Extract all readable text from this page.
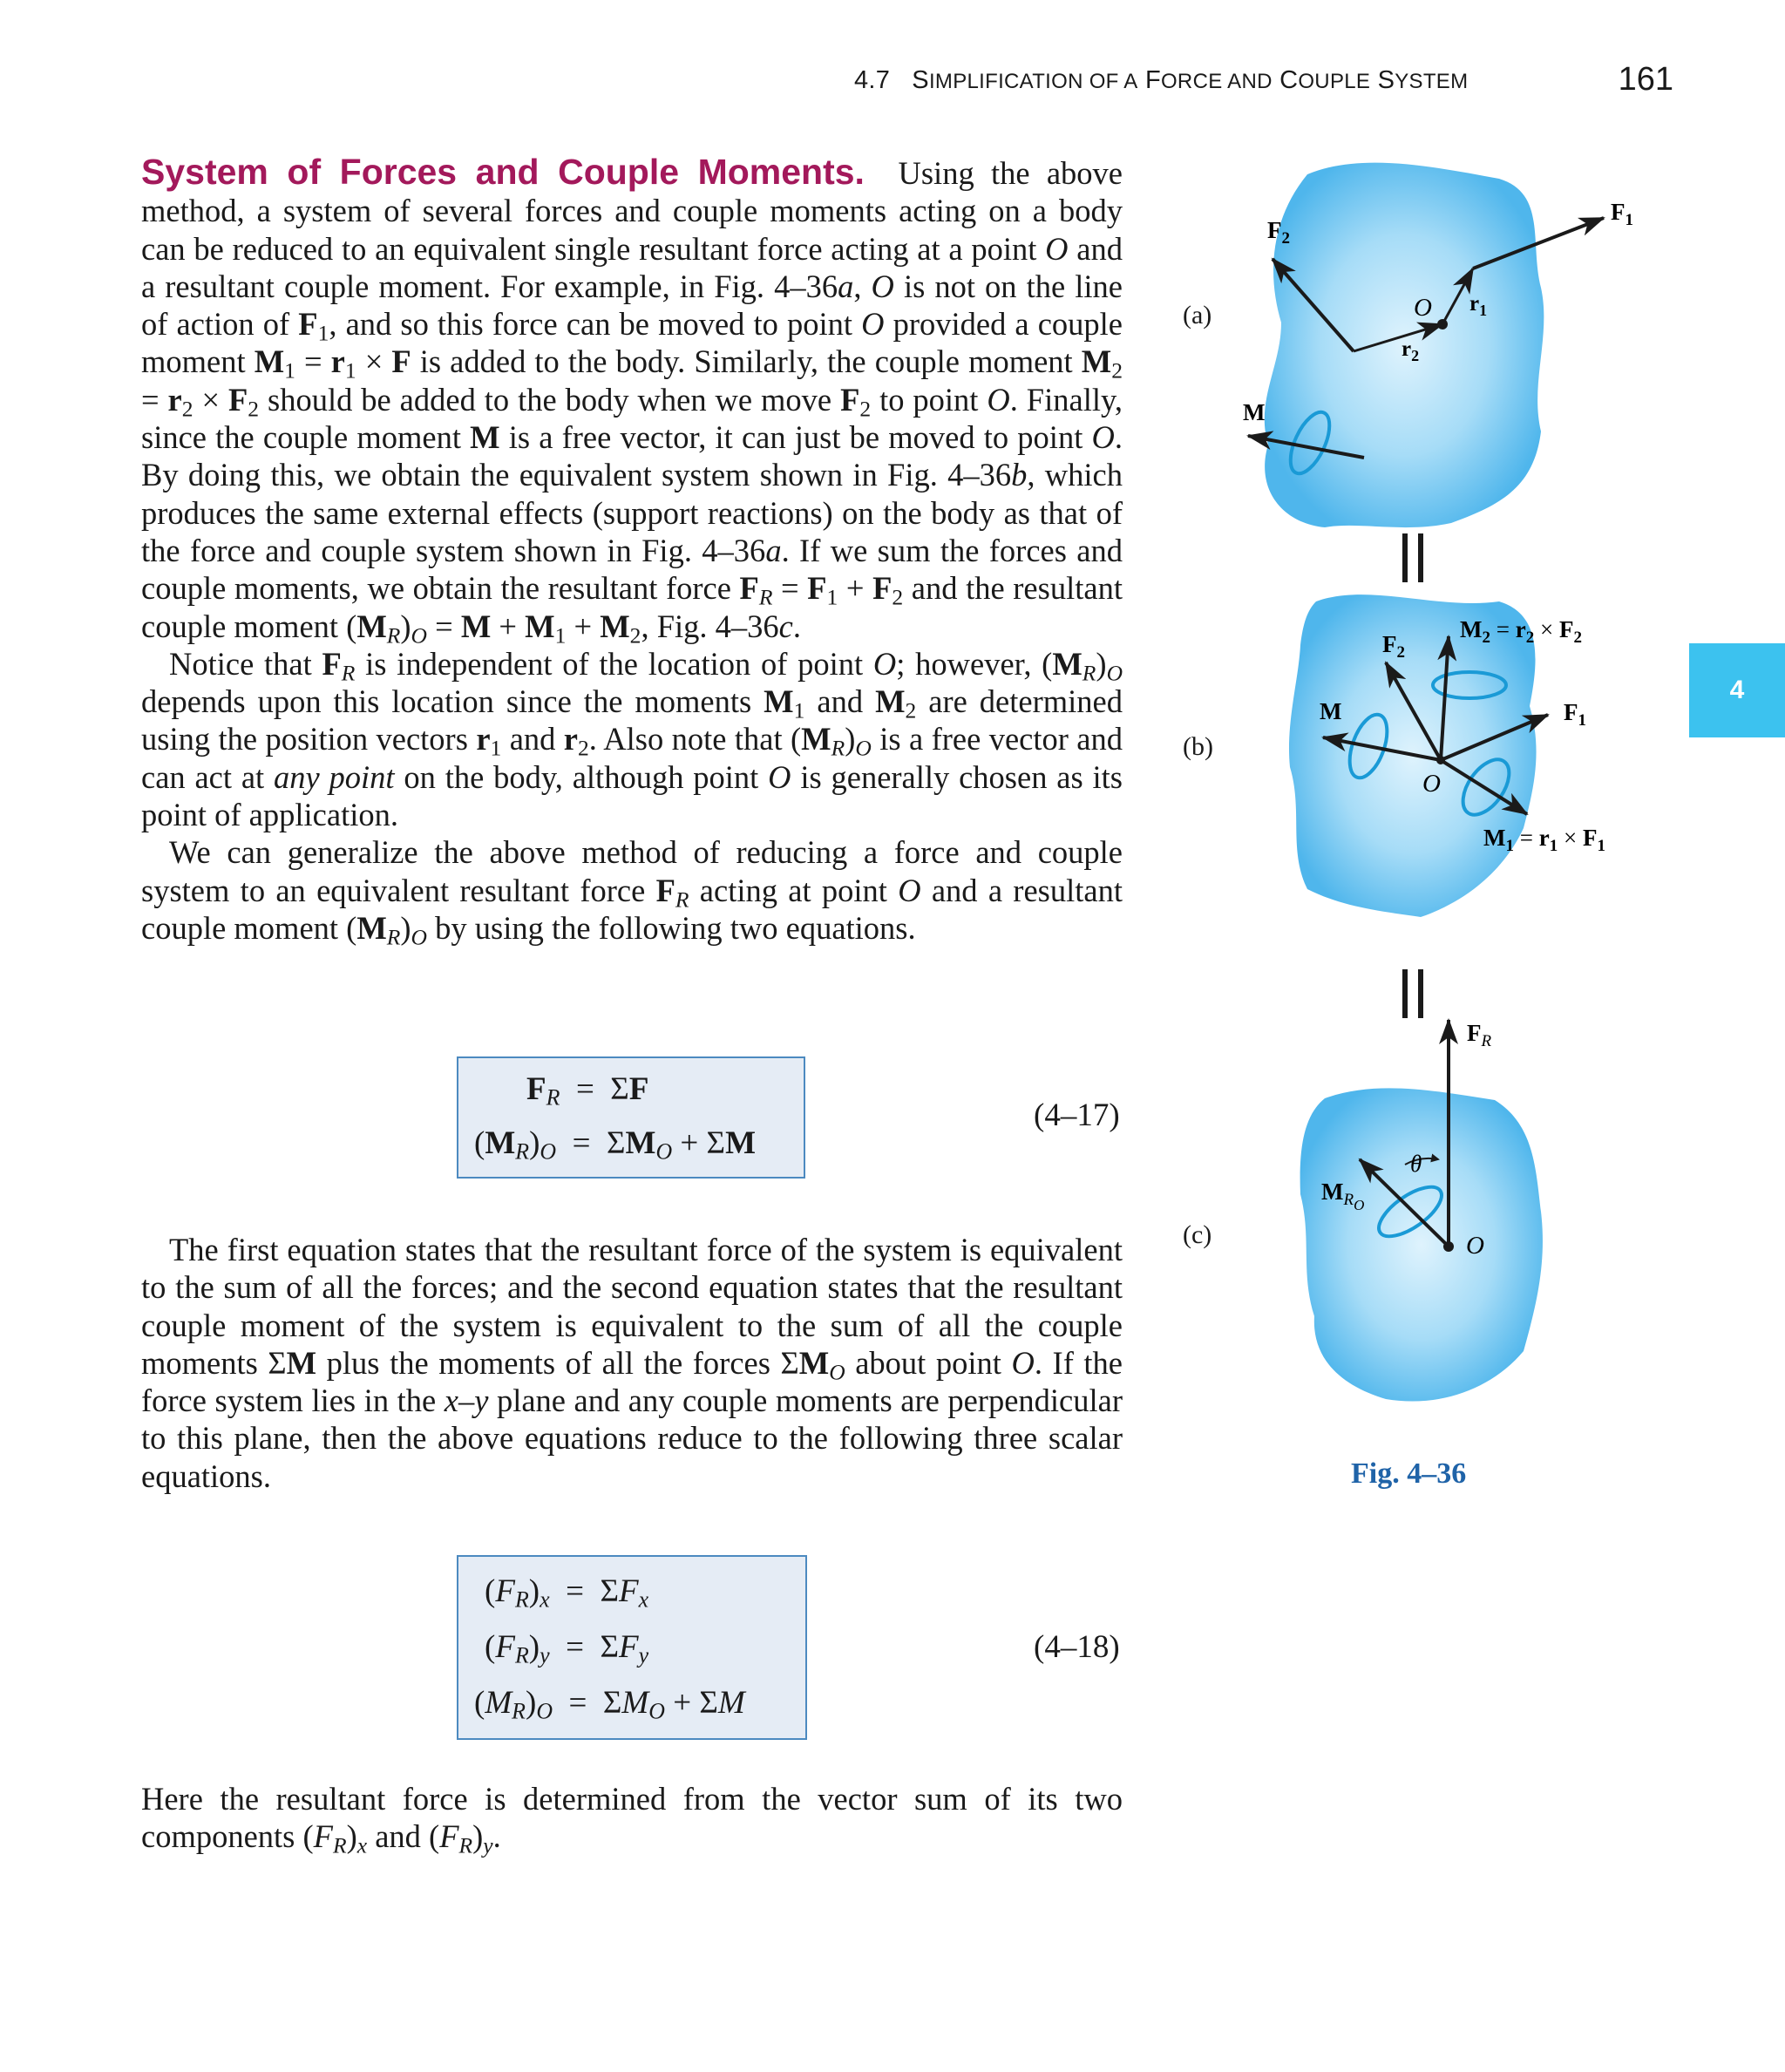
4.7   SIMPLIFICATION OF A FORCE AND COUPLE SYSTEM	161
4

System of Forces and Couple Moments.  Using the above method, a system of several forces and couple moments acting on a body can be reduced to an equivalent single resultant force acting at a point O and a resultant couple moment. For example, in Fig. 4–36a, O is not on the line of action of $F_1$, and so this force can be moved to point O provided a couple moment $M_1 = r_1 \times F$ is added to the body. Similarly, the couple moment $M_2 = r_2 \times F_2$ should be added to the body when we move $F_2$ to point O. Finally, since the couple moment M is a free vector, it can just be moved to point O. By doing this, we obtain the equivalent system shown in Fig. 4–36b, which produces the same external effects (support reactions) on the body as that of the force and couple system shown in Fig. 4–36a. If we sum the forces and couple moments, we obtain the resultant force $F_R = F_1 + F_2$ and the resultant couple moment $(M_R)_O = M + M_1 + M_2$, Fig. 4–36c.

Notice that $F_R$ is independent of the location of point O; however, $(M_R)_O$ depends upon this location since the moments $M_1$ and $M_2$ are determined using the position vectors $r_1$ and $r_2$. Also note that $(M_R)_O$ is a free vector and can act at any point on the body, although point O is generally chosen as its point of application.

We can generalize the above method of reducing a force and couple system to an equivalent resultant force $F_R$ acting at point O and a resultant couple moment $(M_R)_O$ by using the following two equations.

$F_R = \Sigma F$
$(M_R)_O = \Sigma M_O + \Sigma M$
(4–17)

The first equation states that the resultant force of the system is equivalent to the sum of all the forces; and the second equation states that the resultant couple moment of the system is equivalent to the sum of all the couple moments ΣM plus the moments of all the forces $\Sigma M_O$ about point O. If the force system lies in the x–y plane and any couple moments are perpendicular to this plane, then the above equations reduce to the following three scalar equations.

$(F_R)_x = \Sigma F_x$
$(F_R)_y = \Sigma F_y$
$(M_R)_O = \Sigma M_O + \Sigma M$
(4–18)

Here the resultant force is determined from the vector sum of its two components $(F_R)_x$ and $(F_R)_y$.

$F_2$
$F_1$
O $r_1$
$r_2$
M
$M_2 = r_2 \times F_2$
$F_2$
$F_1$
M
O
$M_1 = r_1 \times F_1$
$F_R$
θ
$M_{RO}$
O
(a)
(b)
(c)
Fig. 4–36
